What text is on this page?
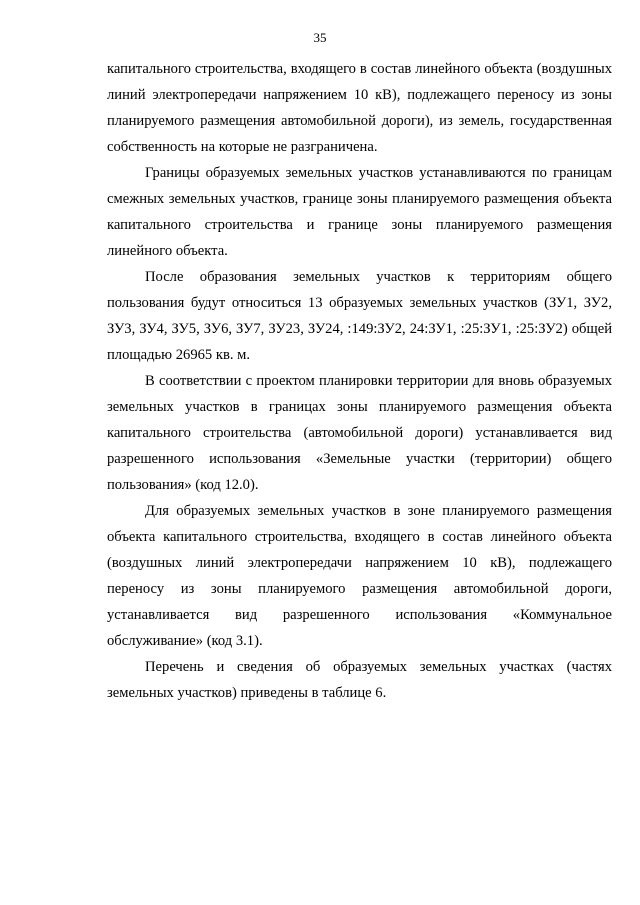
35

капитального строительства, входящего в состав линейного объекта (воздушных линий электропередачи напряжением 10 кВ), подлежащего переносу из зоны планируемого размещения автомобильной дороги), из земель, государственная собственность на которые не разграничена.

Границы образуемых земельных участков устанавливаются по границам смежных земельных участков, границе зоны планируемого размещения объекта капитального строительства и границе зоны планируемого размещения линейного объекта.

После образования земельных участков к территориям общего пользования будут относиться 13 образуемых земельных участков (ЗУ1, ЗУ2, ЗУ3, ЗУ4, ЗУ5, ЗУ6, ЗУ7, ЗУ23, ЗУ24, :149:ЗУ2, 24:ЗУ1, :25:ЗУ1, :25:ЗУ2) общей площадью 26965 кв. м.

В соответствии с проектом планировки территории для вновь образуемых земельных участков в границах зоны планируемого размещения объекта капитального строительства (автомобильной дороги) устанавливается вид разрешенного использования «Земельные участки (территории) общего пользования» (код 12.0).

Для образуемых земельных участков в зоне планируемого размещения объекта капитального строительства, входящего в состав линейного объекта (воздушных линий электропередачи напряжением 10 кВ), подлежащего переносу из зоны планируемого размещения автомобильной дороги, устанавливается вид разрешенного использования «Коммунальное обслуживание» (код 3.1).

Перечень и сведения об образуемых земельных участках (частях земельных участков) приведены в таблице 6.
